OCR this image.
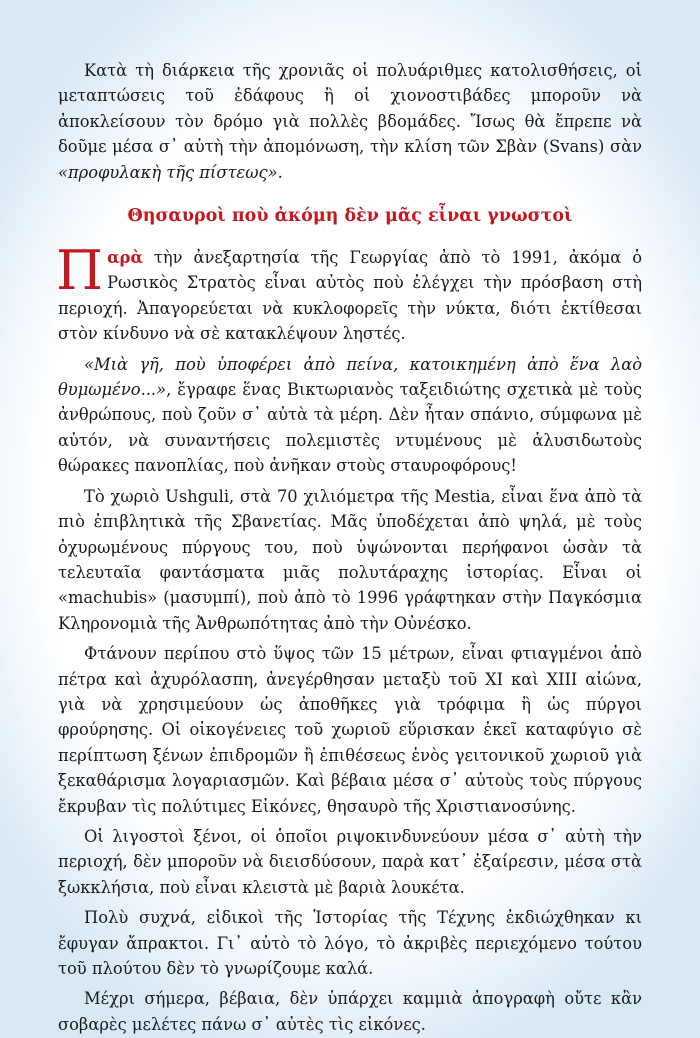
Κατὰ τὴ διάρκεια τῆς χρονιᾶς οἱ πολυάριθμες κατολισθήσεις, οἱ μεταπτώσεις τοῦ ἐδάφους ἢ οἱ χιονοστιβάδες μποροῦν νὰ ἀποκλείσουν τὸν δρόμο γιὰ πολλὲς βδομάδες. Ἴσως θὰ ἔπρεπε νὰ δοῦμε μέσα σ᾽ αὐτὴ τὴν ἀπομόνωση, τὴν κλίση τῶν Σβὰν (Svans) σὰν «προφυλακὴ τῆς πίστεως».

Θησαυροὶ ποὺ ἀκόμη δὲν μᾶς εἶναι γνωστοὶ

Παρὰ τὴν ἀνεξαρτησία τῆς Γεωργίας ἀπὸ τὸ 1991, ἀκόμα ὁ Ρωσικὸς Στρατὸς εἶναι αὐτὸς ποὺ ἐλέγχει τὴν πρόσβαση στὴ περιοχή. Ἀπαγορεύεται νὰ κυκλοφορεῖς τὴν νύκτα, διότι ἐκτίθεσαι στὸν κίνδυνο νὰ σὲ κατακλέψουν ληστές.

«Μιὰ γῆ, ποὺ ὑποφέρει ἀπὸ πείνα, κατοικημένη ἀπὸ ἕνα λαὸ θυμωμένο...», ἔγραφε ἕνας Βικτωριανὸς ταξειδιώτης σχετικὰ μὲ τοὺς ἀνθρώπους, ποὺ ζοῦν σ᾽ αὐτὰ τὰ μέρη. Δὲν ἦταν σπάνιο, σύμφωνα μὲ αὐτόν, νὰ συναντήσεις πολεμιστὲς ντυμένους μὲ ἁλυσιδωτοὺς θώρακες πανοπλίας, ποὺ ἀνῆκαν στοὺς σταυροφόρους!

Τὸ χωριὸ Ushguli, στὰ 70 χιλιόμετρα τῆς Mestia, εἶναι ἕνα ἀπὸ τὰ πιὸ ἐπιβλητικὰ τῆς Σβανετίας. Μᾶς ὑποδέχεται ἀπὸ ψηλά, μὲ τοὺς ὀχυρωμένους πύργους του, ποὺ ὑψώνονται περήφανοι ὡσὰν τὰ τελευταῖα φαντάσματα μιᾶς πολυτάραχης ἱστορίας. Εἶναι οἱ «machubis» (μασυμπί), ποὺ ἀπὸ τὸ 1996 γράφτηκαν στὴν Παγκόσμια Κληρονομιὰ τῆς Ἀνθρωπότητας ἀπὸ τὴν Οὐνέσκο.

Φτάνουν περίπου στὸ ὕψος τῶν 15 μέτρων, εἶναι φτιαγμένοι ἀπὸ πέτρα καὶ ἀχυρόλασπη, ἀνεγέρθησαν μεταξὺ τοῦ ΧΙ καὶ ΧΙΙΙ αἰώνα, γιὰ νὰ χρησιμεύουν ὡς ἀποθῆκες γιὰ τρόφιμα ἢ ὡς πύργοι φρούρησης. Οἱ οἰκογένειες τοῦ χωριοῦ εὕρισκαν ἐκεῖ καταφύγιο σὲ περίπτωση ξένων ἐπιδρομῶν ἢ ἐπιθέσεως ἑνὸς γειτονικοῦ χωριοῦ γιὰ ξεκαθάρισμα λογαριασμῶν. Καὶ βέβαια μέσα σ᾽ αὐτοὺς τοὺς πύργους ἔκρυβαν τὶς πολύτιμες Εἰκόνες, θησαυρὸ τῆς Χριστιανοσύνης.

Οἱ λιγοστοὶ ξένοι, οἱ ὁποῖοι ριψοκινδυνεύουν μέσα σ᾽ αὐτὴ τὴν περιοχή, δὲν μποροῦν νὰ διεισδύσουν, παρὰ κατ᾽ ἐξαίρεσιν, μέσα στὰ ξωκκλήσια, ποὺ εἶναι κλειστὰ μὲ βαριὰ λουκέτα.

Πολὺ συχνά, εἰδικοὶ τῆς Ἱστορίας τῆς Τέχνης ἐκδιώχθηκαν κι ἔφυγαν ἄπρακτοι. Γι᾽ αὐτὸ τὸ λόγο, τὸ ἀκριβὲς περιεχόμενο τούτου τοῦ πλούτου δὲν τὸ γνωρίζουμε καλά.

Μέχρι σήμερα, βέβαια, δὲν ὑπάρχει καμμιὰ ἀπογραφὴ οὔτε κἂν σοβαρὲς μελέτες πάνω σ᾽ αὐτὲς τὶς εἰκόνες.
